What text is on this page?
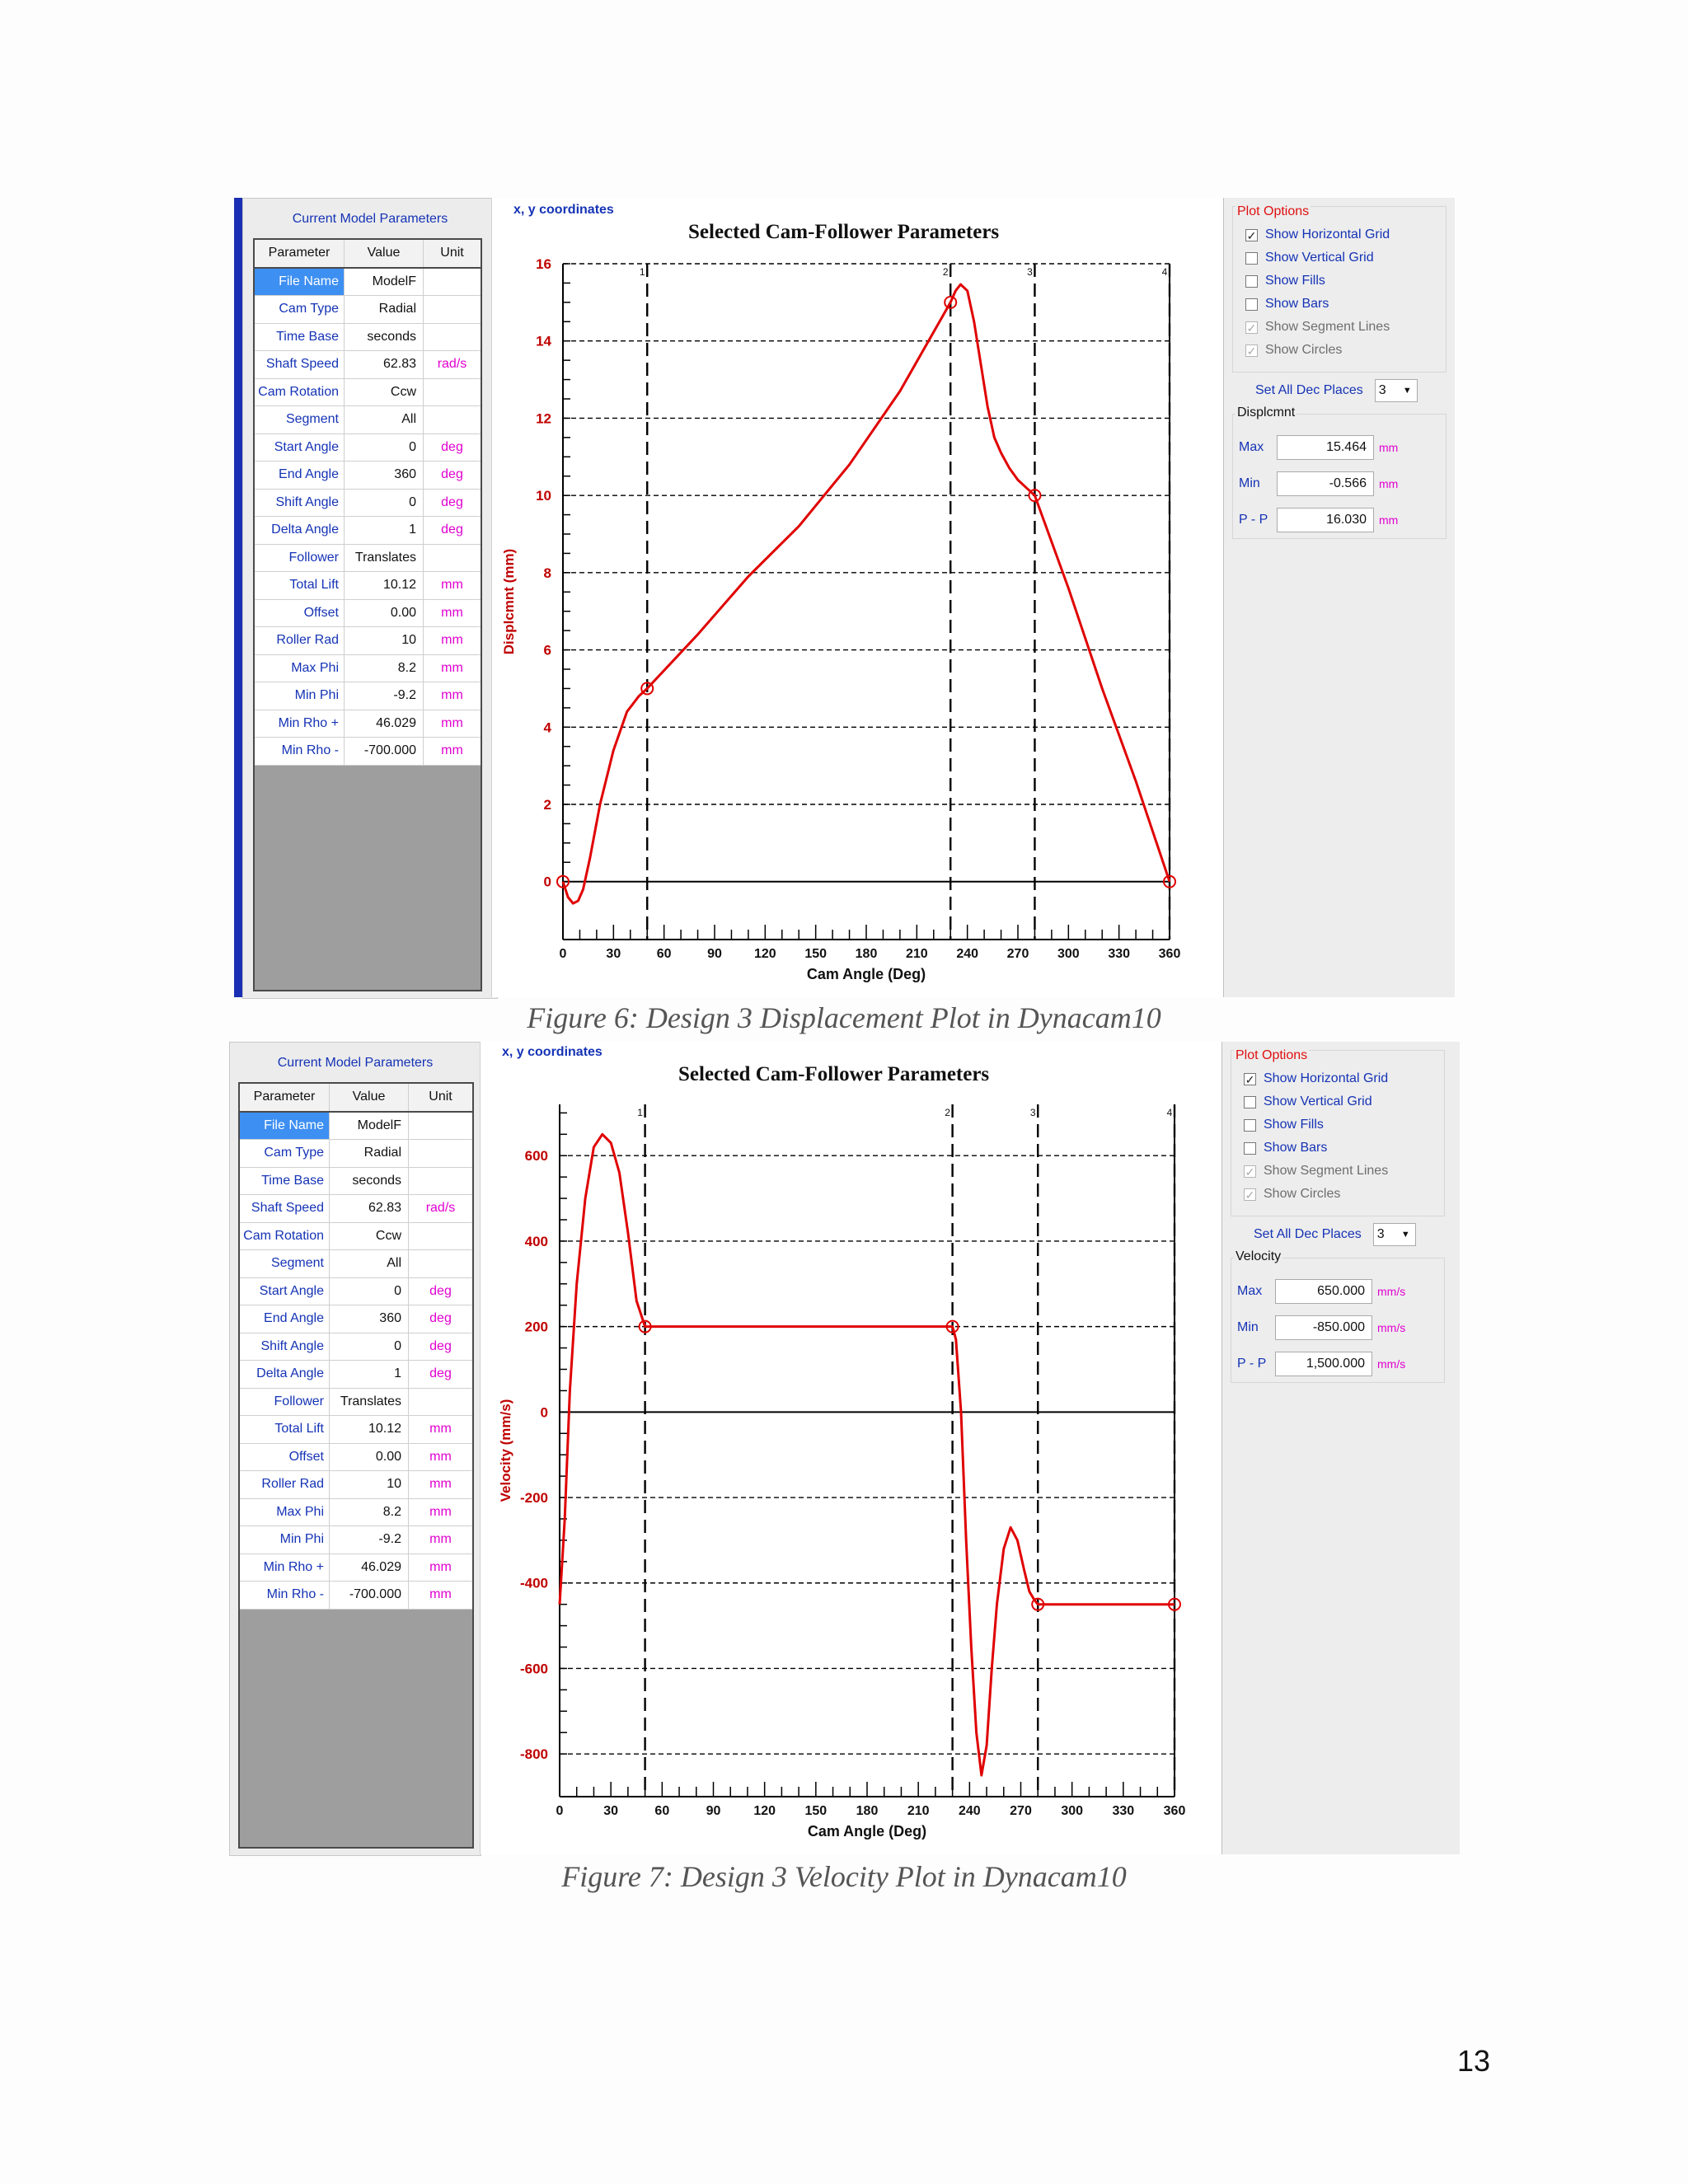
Current Model Parameters
Parameter	Value	Unit
File Name	ModelF
Cam Type	Radial
Time Base	seconds
Shaft Speed	62.83	rad/s
Cam Rotation	Ccw
Segment	All
Start Angle	0	deg
End Angle	360	deg
Shift Angle	0	deg
Delta Angle	1	deg
Follower	Translates
Total Lift	10.12	mm
Offset	0.00	mm
Roller Rad	10	mm
Max Phi	8.2	mm
Min Phi	-9.2	mm
Min Rho +	46.029	mm
Min Rho -	-700.000	mm
x, y coordinates
Selected Cam-Follower Parameters
0
2
4
6
8
10
12
14
16
0	30	60	90 120 150 180 210 240 270 300 330 360
1	2	3	4
Cam Angle (Deg)
Displcmnt (mm)
Plot Options
✓ Show Horizontal Grid
Show Vertical Grid
Show Fills
Show Bars
✓ Show Segment Lines
✓ Show Circles
Set All Dec Places	3 ▼
Displcmnt
Max	15.464	mm
Min	-0.566	mm
P - P	16.030	mm
Figure 6: Design 3 Displacement Plot in Dynacam10
Current Model Parameters
Parameter	Value	Unit
File Name	ModelF
Cam Type	Radial
Time Base	seconds
Shaft Speed	62.83	rad/s
Cam Rotation	Ccw
Segment	All
Start Angle	0	deg
End Angle	360	deg
Shift Angle	0	deg
Delta Angle	1	deg
Follower	Translates
Total Lift	10.12	mm
Offset	0.00	mm
Roller Rad	10	mm
Max Phi	8.2	mm
Min Phi	-9.2	mm
Min Rho +	46.029	mm
Min Rho -	-700.000	mm
x, y coordinates
Selected Cam-Follower Parameters
-800
-600
-400
-200
0
200
400
600
0	30	60	90 120 150 180 210 240 270 300 330 360
1	2	3	4
Cam Angle (Deg)
Velocity (mm/s)
Plot Options
✓ Show Horizontal Grid
Show Vertical Grid
Show Fills
Show Bars
✓ Show Segment Lines
✓ Show Circles
Set All Dec Places	3 ▼
Velocity
Max	650.000	mm/s
Min	-850.000	mm/s
P - P	1,500.000	mm/s
Figure 7: Design 3 Velocity Plot in Dynacam10
13
